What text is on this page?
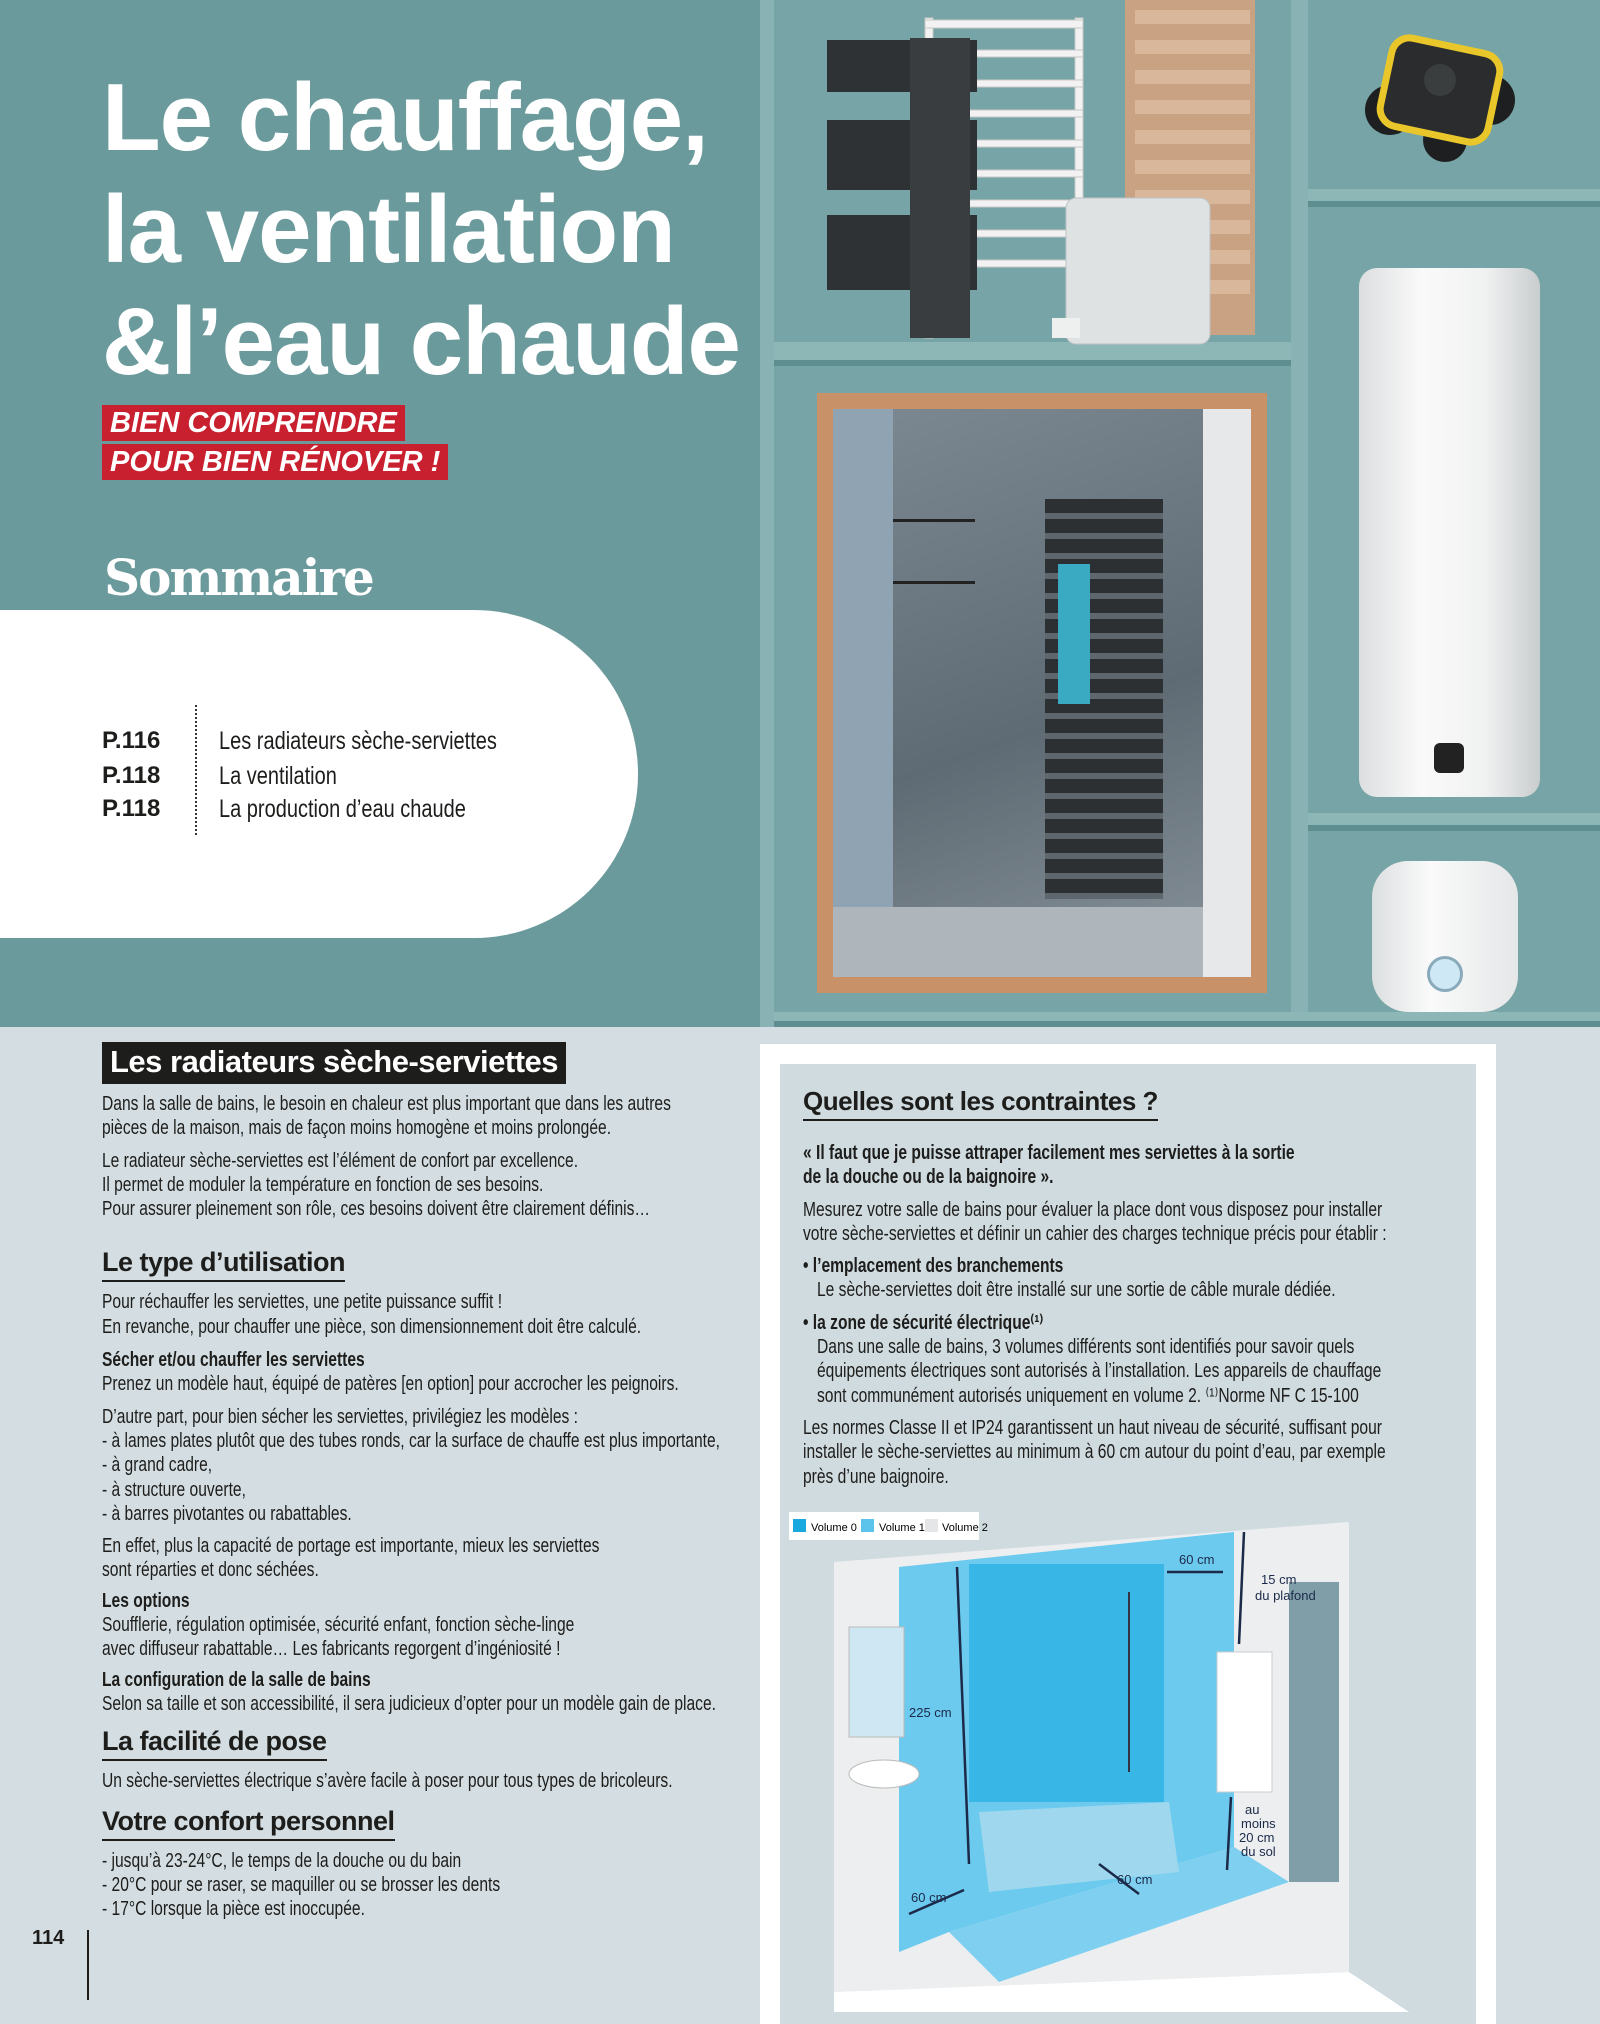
Le chauffage,
la ventilation
&l’eau chaude
BIEN COMPRENDRE
POUR BIEN RÉNOVER !
Sommaire
P.116	Les radiateurs sèche-serviettes
P.118	La ventilation
P.118	La production d’eau chaude
Les radiateurs sèche-serviettes
Dans la salle de bains, le besoin en chaleur est plus important que dans les autres
pièces de la maison, mais de façon moins homogène et moins prolongée.
Le radiateur sèche-serviettes est l’élément de confort par excellence.
Il permet de moduler la température en fonction de ses besoins.
Pour assurer pleinement son rôle, ces besoins doivent être clairement définis…
Le type d’utilisation
Pour réchauffer les serviettes, une petite puissance suffit !
En revanche, pour chauffer une pièce, son dimensionnement doit être calculé.
Sécher et/ou chauffer les serviettes
Prenez un modèle haut, équipé de patères [en option] pour accrocher les peignoirs.
D’autre part, pour bien sécher les serviettes, privilégiez les modèles :
- à lames plates plutôt que des tubes ronds, car la surface de chauffe est plus importante,
- à grand cadre,
- à structure ouverte,
- à barres pivotantes ou rabattables.
En effet, plus la capacité de portage est importante, mieux les serviettes
sont réparties et donc séchées.
Les options
Soufflerie, régulation optimisée, sécurité enfant, fonction sèche-linge
avec diffuseur rabattable… Les fabricants regorgent d’ingéniosité !
La configuration de la salle de bains
Selon sa taille et son accessibilité, il sera judicieux d’opter pour un modèle gain de place.
La facilité de pose
Un sèche-serviettes électrique s’avère facile à poser pour tous types de bricoleurs.
Votre confort personnel
- jusqu’à 23-24°C, le temps de la douche ou du bain
- 20°C pour se raser, se maquiller ou se brosser les dents
- 17°C lorsque la pièce est inoccupée.
Quelles sont les contraintes ?
« Il faut que je puisse attraper facilement mes serviettes à la sortie
de la douche ou de la baignoire ».
Mesurez votre salle de bains pour évaluer la place dont vous disposez pour installer
votre sèche-serviettes et définir un cahier des charges technique précis pour établir :
• l’emplacement des branchements
Le sèche-serviettes doit être installé sur une sortie de câble murale dédiée.
• la zone de sécurité électrique⁽¹⁾
Dans une salle de bains, 3 volumes différents sont identifiés pour savoir quels
équipements électriques sont autorisés à l’installation. Les appareils de chauffage
sont communément autorisés uniquement en volume 2. ⁽¹⁾Norme NF C 15-100
Les normes Classe II et IP24 garantissent un haut niveau de sécurité, suffisant pour
installer le sèche-serviettes au minimum à 60 cm autour du point d’eau, par exemple
près d’une baignoire.
Volume 0 Volume 1 Volume 2
225 cm
60 cm
15 cm
du plafond
au
moins
20 cm
du sol
60 cm
60 cm
114
